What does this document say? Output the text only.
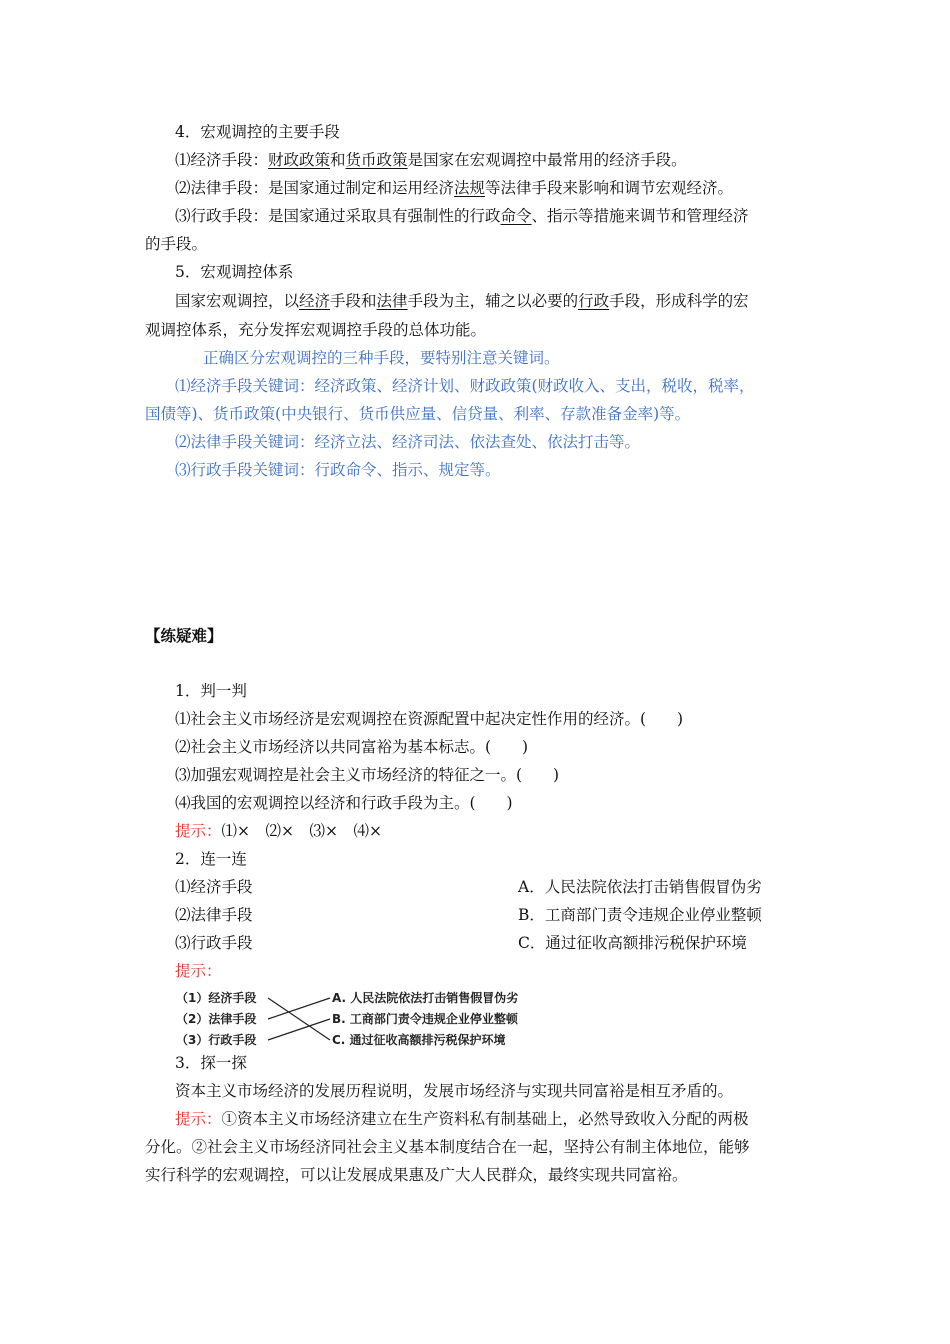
4．宏观调控的主要手段
⑴经济手段：财政政策和货币政策是国家在宏观调控中最常用的经济手段。
⑵法律手段：是国家通过制定和运用经济法规等法律手段来影响和调节宏观经济。
⑶行政手段：是国家通过采取具有强制性的行政命令、指示等措施来调节和管理经济
的手段。
5．宏观调控体系
国家宏观调控，以经济手段和法律手段为主，辅之以必要的行政手段，形成科学的宏
观调控体系，充分发挥宏观调控手段的总体功能。
正确区分宏观调控的三种手段，要特别注意关键词。
⑴经济手段关键词：经济政策、经济计划、财政政策(财政收入、支出，税收，税率，
国债等)、货币政策(中央银行、货币供应量、信贷量、利率、存款准备金率)等。
⑵法律手段关键词：经济立法、经济司法、依法查处、依法打击等。
⑶行政手段关键词：行政命令、指示、规定等。
【练疑难】
1．判一判
⑴社会主义市场经济是宏观调控在资源配置中起决定性作用的经济。(　　)
⑵社会主义市场经济以共同富裕为基本标志。(　　)
⑶加强宏观调控是社会主义市场经济的特征之一。(　　)
⑷我国的宏观调控以经济和行政手段为主。(　　)
提示：⑴×　⑵×　⑶×　⑷×
2．连一连
⑴经济手段	A．人民法院依法打击销售假冒伪劣
⑵法律手段	B．工商部门责令违规企业停业整顿
⑶行政手段	C．通过征收高额排污税保护环境
提示：
（1）经济手段
（2）法律手段
（3）行政手段
A. 人民法院依法打击销售假冒伪劣
B. 工商部门责令违规企业停业整顿
C. 通过征收高额排污税保护环境
3．探一探
资本主义市场经济的发展历程说明，发展市场经济与实现共同富裕是相互矛盾的。
提示：①资本主义市场经济建立在生产资料私有制基础上，必然导致收入分配的两极
分化。②社会主义市场经济同社会主义基本制度结合在一起，坚持公有制主体地位，能够
实行科学的宏观调控，可以让发展成果惠及广大人民群众，最终实现共同富裕。
